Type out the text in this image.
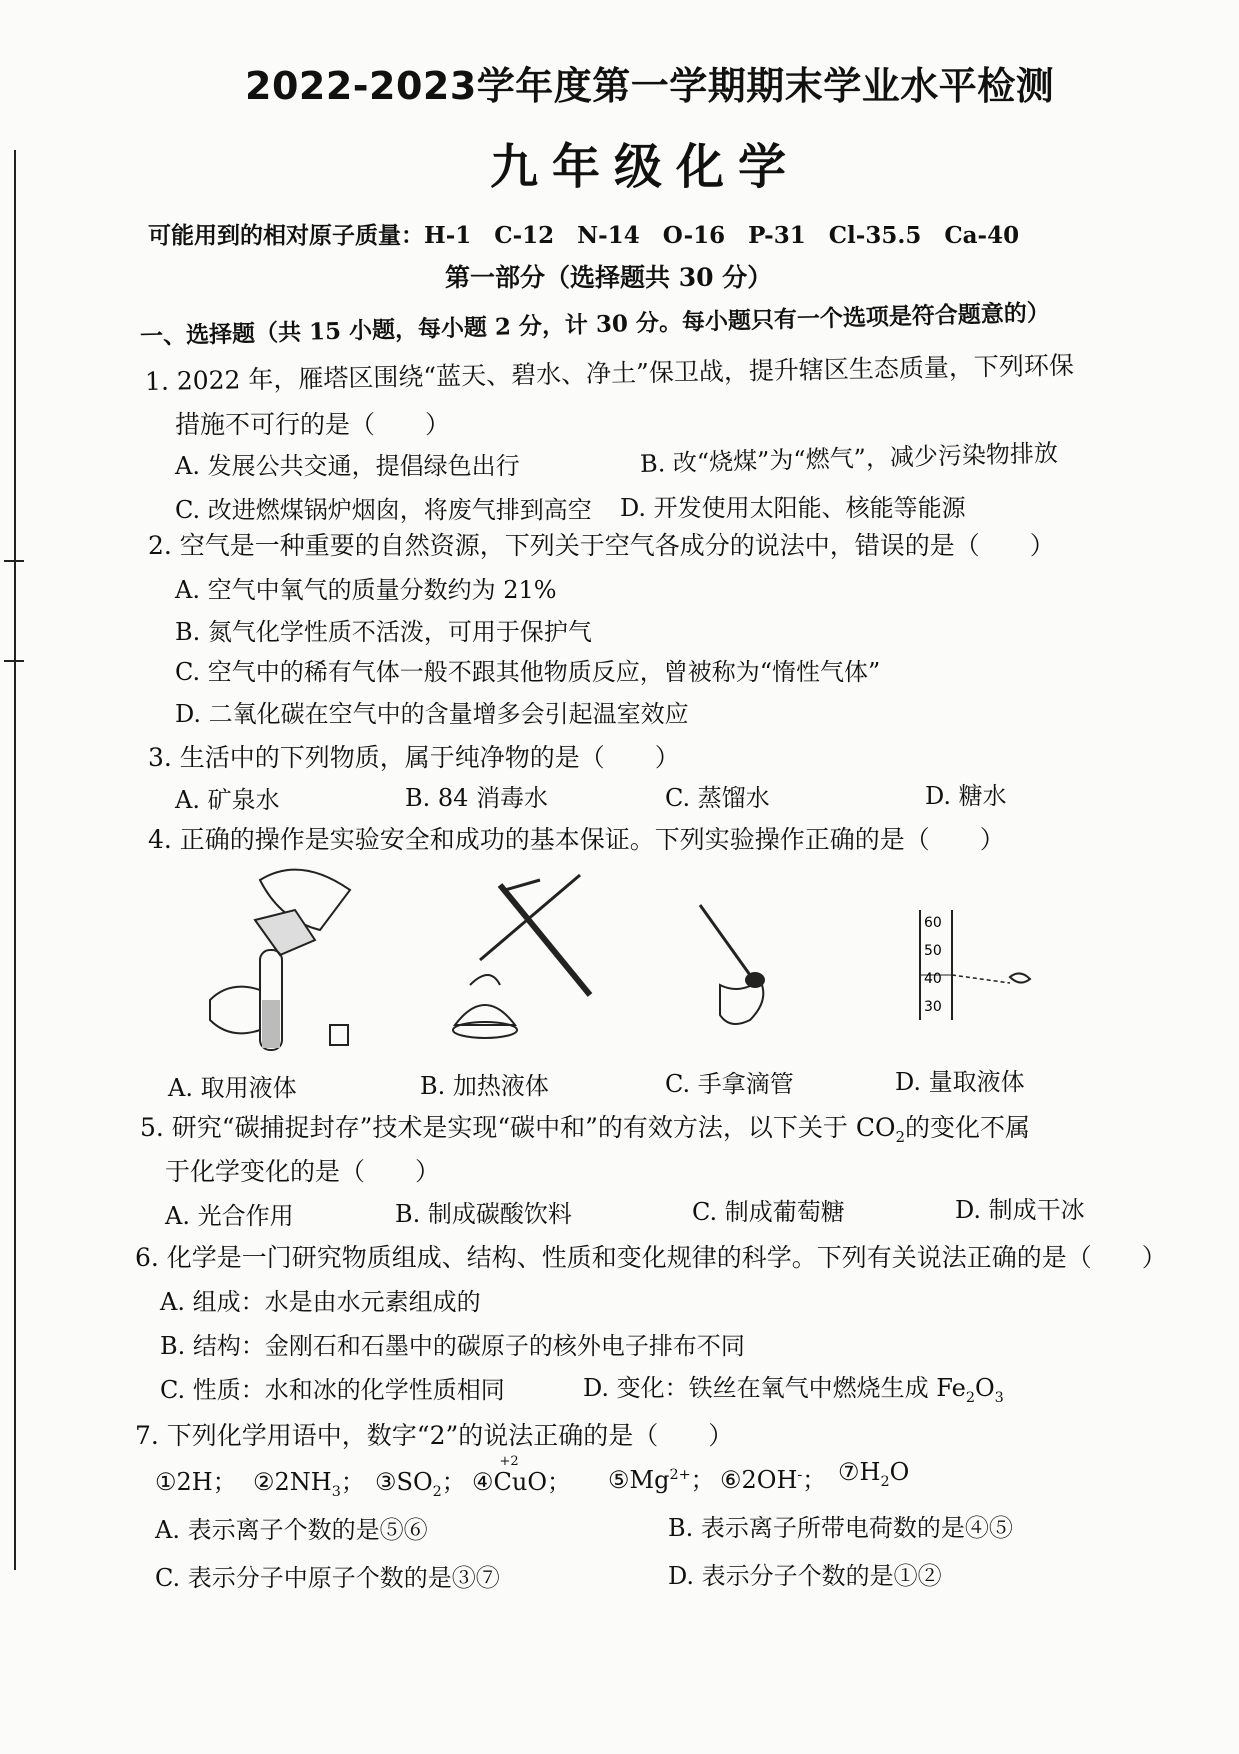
2022-2023学年度第一学期期末学业水平检测
九年级化学
可能用到的相对原子质量：H-1　C-12　N-14　O-16　P-31　Cl-35.5　Ca-40
第一部分（选择题共 30 分）
一、选择题（共 15 小题，每小题 2 分，计 30 分。每小题只有一个选项是符合题意的）
1. 2022 年，雁塔区围绕“蓝天、碧水、净土”保卫战，提升辖区生态质量，下列环保
措施不可行的是（　　）
A. 发展公共交通，提倡绿色出行	B. 改“烧煤”为“燃气”，减少污染物排放
C. 改进燃煤锅炉烟囱，将废气排到高空 D. 开发使用太阳能、核能等能源
2. 空气是一种重要的自然资源，下列关于空气各成分的说法中，错误的是（　　）
A. 空气中氧气的质量分数约为 21%
B. 氮气化学性质不活泼，可用于保护气
C. 空气中的稀有气体一般不跟其他物质反应，曾被称为“惰性气体”
D. 二氧化碳在空气中的含量增多会引起温室效应
3. 生活中的下列物质，属于纯净物的是（　　）
A. 矿泉水	B. 84 消毒水	C. 蒸馏水	D. 糖水
4. 正确的操作是实验安全和成功的基本保证。下列实验操作正确的是（　　）
60
50
40
30
A. 取用液体	B. 加热液体	C. 手拿滴管	D. 量取液体
5. 研究“碳捕捉封存”技术是实现“碳中和”的有效方法，以下关于 $CO_2$的变化不属
于化学变化的是（　　）
A. 光合作用	B. 制成碳酸饮料	C. 制成葡萄糖	D. 制成干冰
6. 化学是一门研究物质组成、结构、性质和变化规律的科学。下列有关说法正确的是（　　）
A. 组成：水是由水元素组成的
B. 结构：金刚石和石墨中的碳原子的核外电子排布不同
C. 性质：水和冰的化学性质相同	D. 变化：铁丝在氧气中燃烧生成 $Fe_2O_3$
7. 下列化学用语中，数字“2”的说法正确的是（　　）
①2H； $②2NH_3$； $③SO_2$； ④
+2
CuO； $⑤Mg^{2+}$； ⑥2OH-； $⑦H_2O$
A. 表示离子个数的是⑤⑥	B. 表示离子所带电荷数的是④⑤
C. 表示分子中原子个数的是③⑦	D. 表示分子个数的是①②
